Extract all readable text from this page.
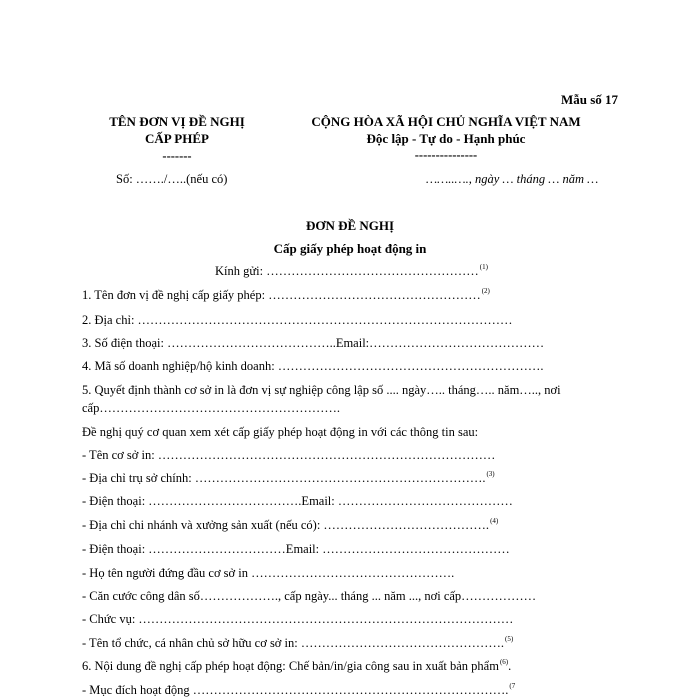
Mẫu số 17
TÊN ĐƠN VỊ ĐỀ NGHỊ
CẤP PHÉP
-------
Số: ……./…..(nếu có)
CỘNG HÒA XÃ HỘI CHỦ NGHĨA VIỆT NAM
Độc lập - Tự do - Hạnh phúc
---------------
……..…., ngày … tháng … năm …
ĐƠN ĐỀ NGHỊ
Cấp giấy phép hoạt động in
Kính gửi: ……………………………………………$^{(1)}$
1. Tên đơn vị đề nghị cấp giấy phép: ……………………………………………$^{(2)}$
2. Địa chỉ: ………………………………………………………………………………
3. Số điện thoại: …………………………………..Email:……………………………………
4. Mã số doanh nghiệp/hộ kinh doanh: ……………………………………………………….
5. Quyết định thành cơ sở in là đơn vị sự nghiệp công lập số .... ngày….. tháng….. năm….., nơi
cấp………………………………………………….
Đề nghị quý cơ quan xem xét cấp giấy phép hoạt động in với các thông tin sau:
- Tên cơ sở in: ………………………………………………………………………
- Địa chỉ trụ sở chính: …………………………………………………………….$^{(3)}$
- Điện thoại: ……………………………….Email: ……………………………………
- Địa chỉ chi nhánh và xưởng sản xuất (nếu có): ………………………………….$^{(4)}$
- Điện thoại: ……………………………Email: ………………………………………
- Họ tên người đứng đầu cơ sở in ………………………………………….
- Căn cước công dân số………………., cấp ngày... tháng ... năm ..., nơi cấp………………
- Chức vụ: ………………………………………………………………………………
- Tên tổ chức, cá nhân chủ sở hữu cơ sở in: ………………………………………….$^{(5)}$
6. Nội dung đề nghị cấp phép hoạt động: Chế bản/in/gia công sau in xuất bản phẩm$^{(6)}$.
- Mục đích hoạt động ………………………………………………………………….$^{(7}$
